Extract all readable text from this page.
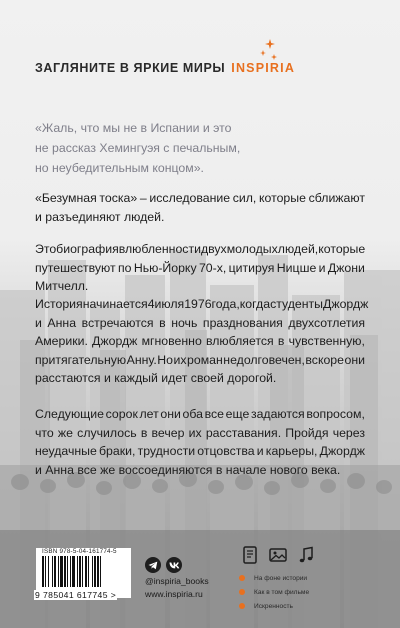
ЗАГЛЯНИТЕ В ЯРКИЕ МИРЫ INSPIRIA
«Жаль, что мы не в Испании и это
не рассказ Хемингуэя с печальным,
но неубедительным концом».
«Безумная тоска» – исследование сил, которые сближают
и разъединяют людей.
Это биография влюбленности двух молодых людей, которые
путешествуют по Нью-Йорку 70-х, цитируя Ницше и Джони
Митчелл.
История начинается 4 июля 1976 года, когда студенты Джордж
и Анна встречаются в ночь празднования двухсотлетия
Америки. Джордж мгновенно влюбляется в чувственную,
притягательную Анну. Но их роман недолговечен, вскоре они
расстаются и каждый идет своей дорогой.
Следующие сорок лет они оба все еще задаются вопросом,
что же случилось в вечер их расставания. Пройдя через
неудачные браки, трудности отцовства и карьеры, Джордж
и Анна все же воссоединяются в начале нового века.
ISBN 978-5-04-161774-5
9 785041 617745 >
@inspiria_books
www.inspiria.ru
На фоне истории
Как в том фильме
Искренность
